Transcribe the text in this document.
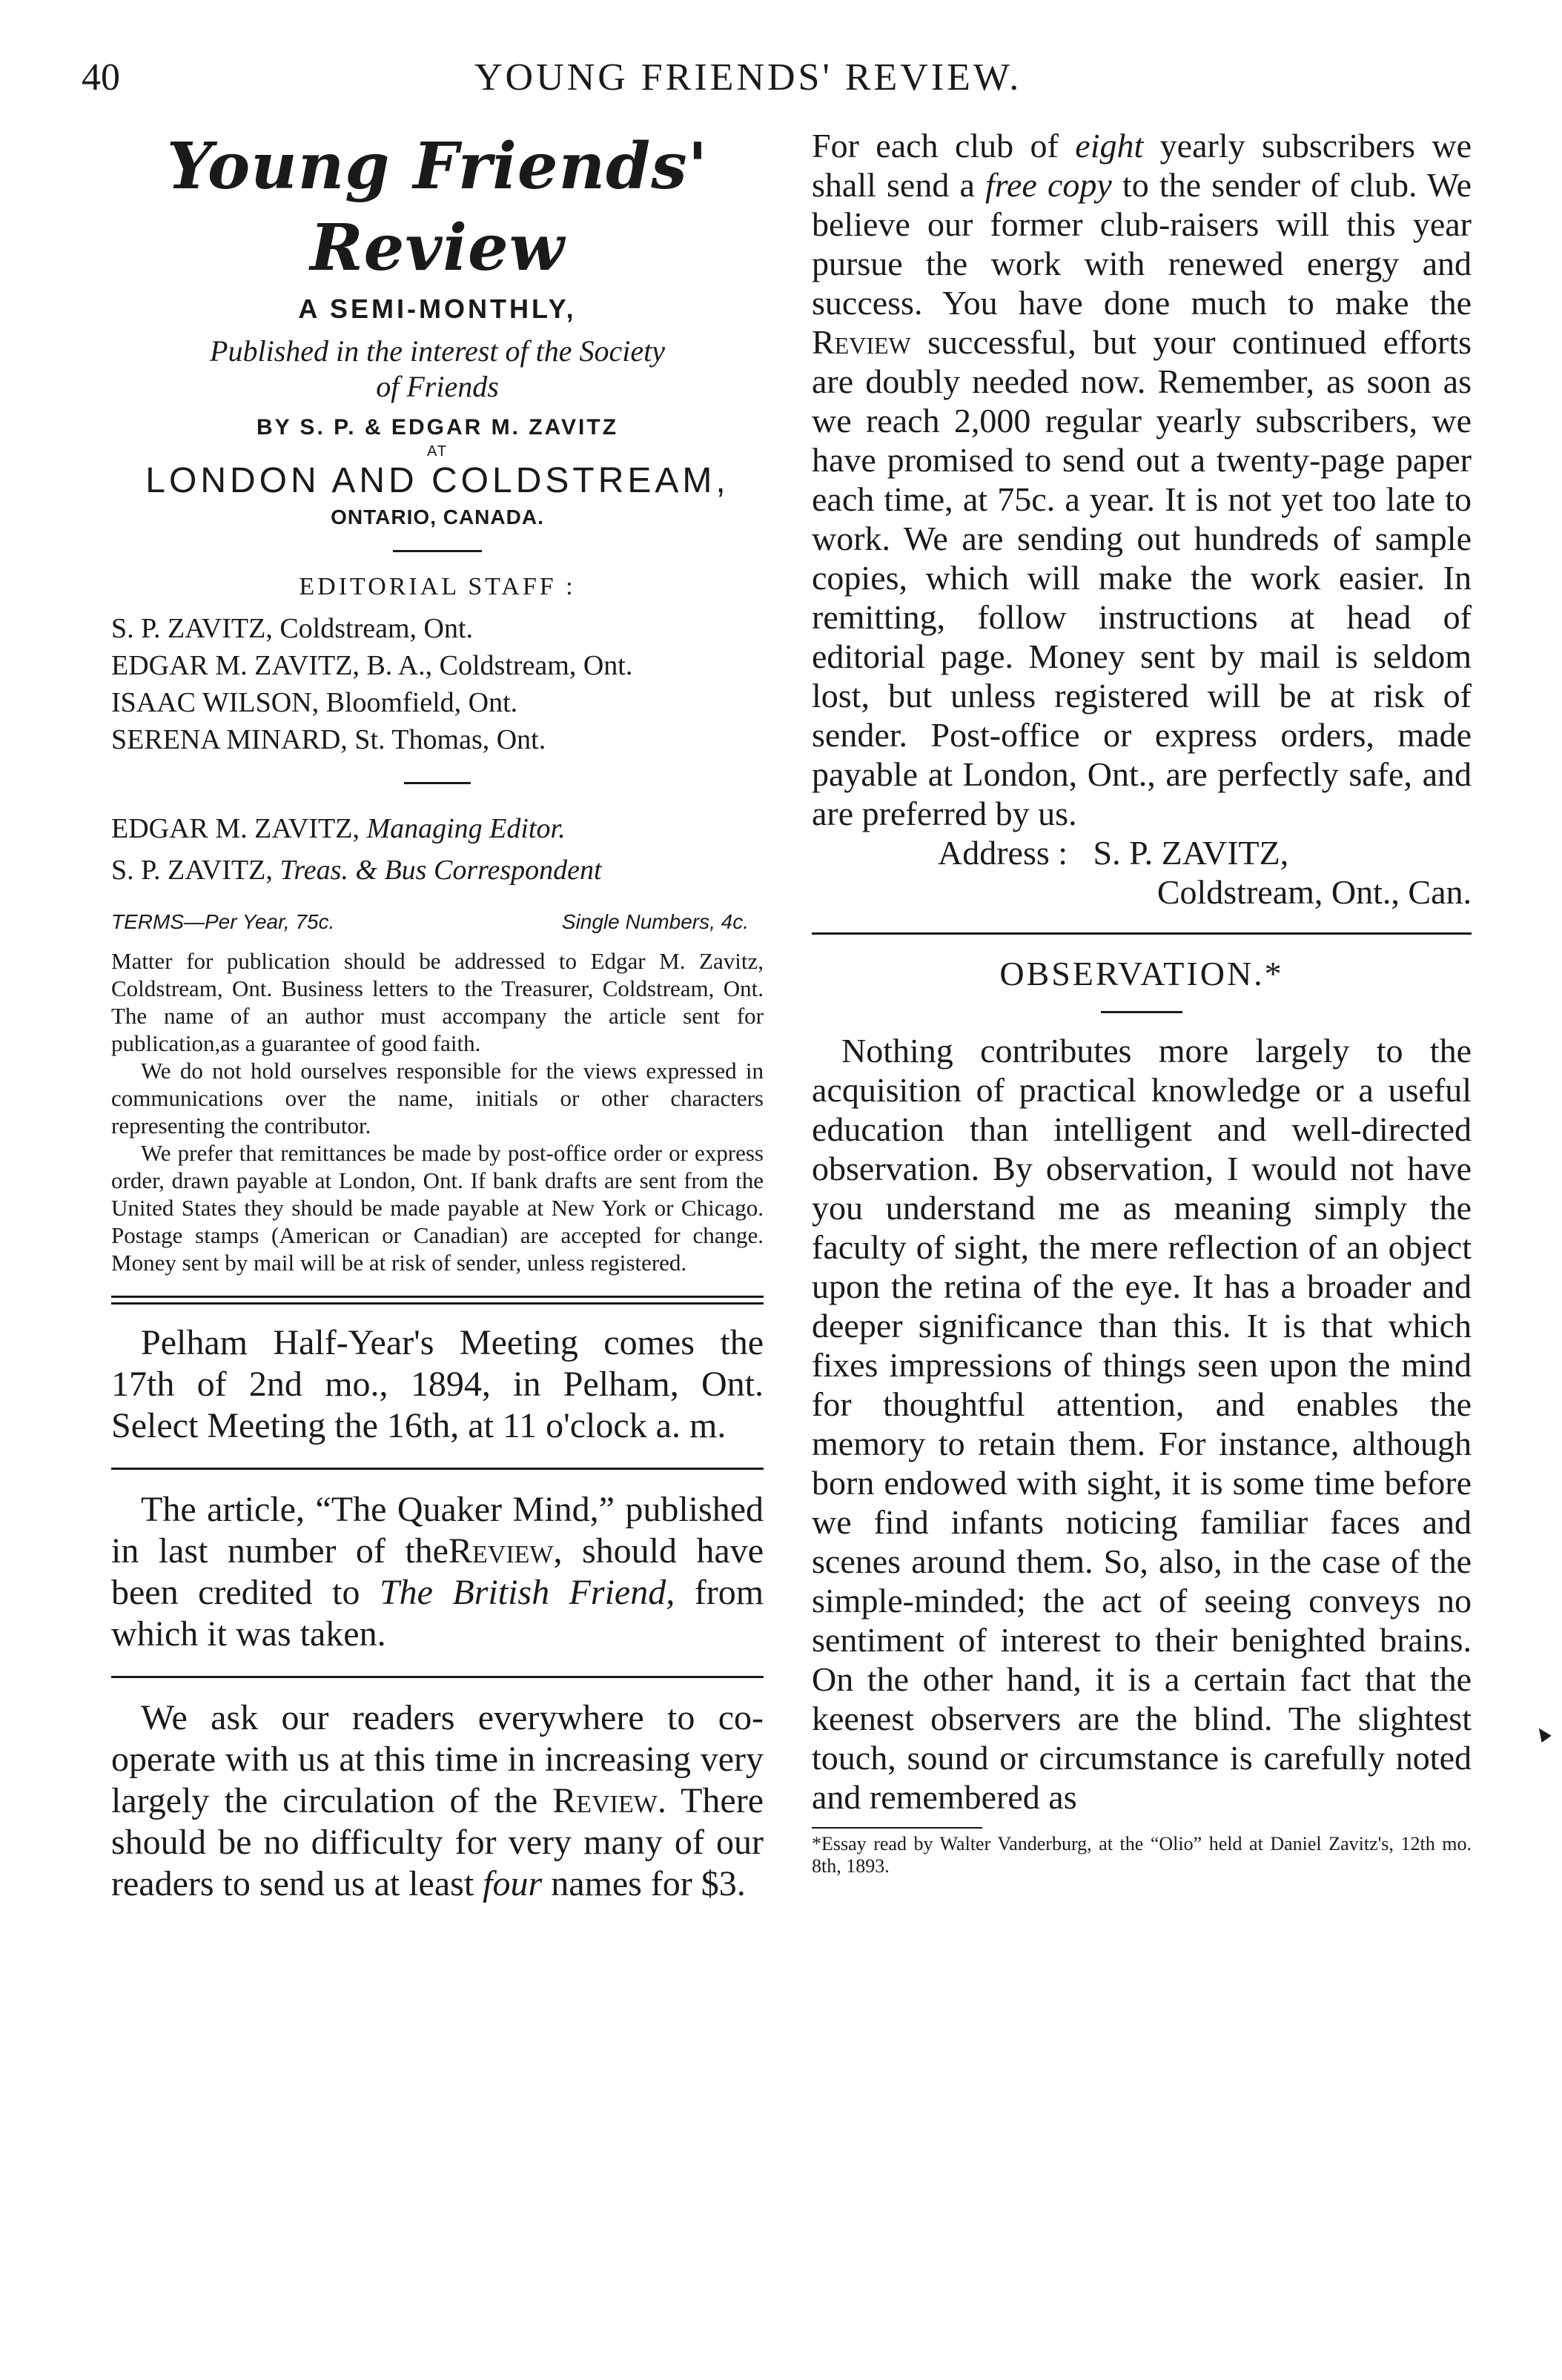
40	YOUNG FRIENDS' REVIEW.
Young Friends' Review
A SEMI-MONTHLY,
Published in the interest of the Society
of Friends
BY S. P. & EDGAR M. ZAVITZ
AT
LONDON AND COLDSTREAM,
ONTARIO, CANADA.
EDITORIAL STAFF :
S. P. ZAVITZ, Coldstream, Ont.
EDGAR M. ZAVITZ, B. A., Coldstream, Ont.
ISAAC WILSON, Bloomfield, Ont.
SERENA MINARD, St. Thomas, Ont.
EDGAR M. ZAVITZ, Managing Editor.
S. P. ZAVITZ, Treas. & Bus Correspondent
TERMS—Per Year, 75c.	Single Numbers, 4c.

Matter for publication should be addressed to Edgar M. Zavitz, Coldstream, Ont. Business letters to the Treasurer, Coldstream, Ont. The name of an author must accompany the article sent for publication,as a guarantee of good faith.

We do not hold ourselves responsible for the views expressed in communications over the name, initials or other characters representing the contributor.

We prefer that remittances be made by post-office order or express order, drawn payable at London, Ont. If bank drafts are sent from the United States they should be made payable at New York or Chicago. Postage stamps (American or Canadian) are accepted for change. Money sent by mail will be at risk of sender, unless registered.

Pelham Half-Year's Meeting comes the 17th of 2nd mo., 1894, in Pelham, Ont. Select Meeting the 16th, at 11 o'clock a. m.

The article, “The Quaker Mind,” published in last number of theReview, should have been credited to The British Friend, from which it was taken.

We ask our readers everywhere to co-operate with us at this time in increasing very largely the circulation of the Review. There should be no difficulty for very many of our readers to send us at least four names for $3.

For each club of eight yearly subscribers we shall send a free copy to the sender of club. We believe our former club-raisers will this year pursue the work with renewed energy and success. You have done much to make the Review successful, but your continued efforts are doubly needed now. Remember, as soon as we reach 2,000 regular yearly subscribers, we have promised to send out a twenty-page paper each time, at 75c. a year. It is not yet too late to work. We are sending out hundreds of sample copies, which will make the work easier. In remitting, follow instructions at head of editorial page. Money sent by mail is seldom lost, but unless registered will be at risk of sender. Post-office or express orders, made payable at London, Ont., are perfectly safe, and are preferred by us.

Address : S. P. ZAVITZ,
Coldstream, Ont., Can.
OBSERVATION.*

Nothing contributes more largely to the acquisition of practical knowledge or a useful education than intelligent and well-directed observation. By observation, I would not have you understand me as meaning simply the faculty of sight, the mere reflection of an object upon the retina of the eye. It has a broader and deeper significance than this. It is that which fixes impressions of things seen upon the mind for thoughtful attention, and enables the memory to retain them. For instance, although born endowed with sight, it is some time before we find infants noticing familiar faces and scenes around them. So, also, in the case of the simple-minded; the act of seeing conveys no sentiment of interest to their benighted brains. On the other hand, it is a certain fact that the keenest observers are the blind. The slightest touch, sound or circumstance is carefully noted and remembered as

*Essay read by Walter Vanderburg, at the “Olio” held at Daniel Zavitz's, 12th mo. 8th, 1893.
